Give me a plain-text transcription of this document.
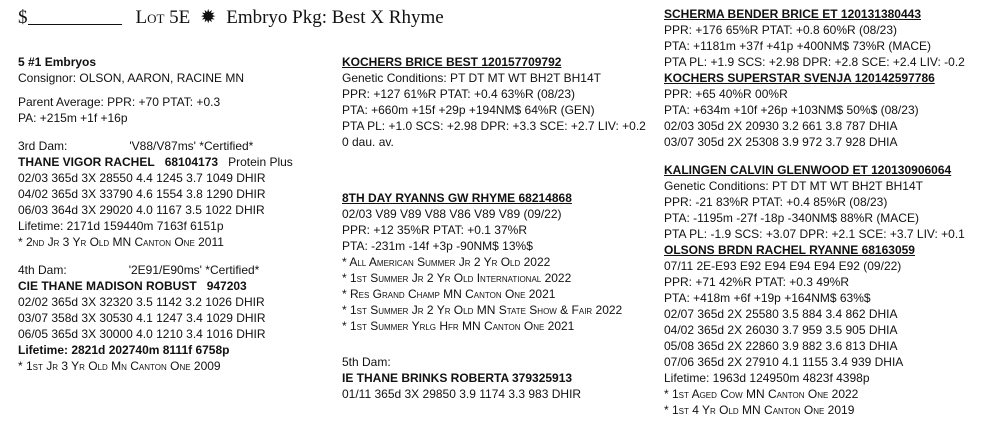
$	Lot 5E ✹ Embryo Pkg: Best X Rhyme
5 #1 Embryos
Consignor: OLSON, AARON, RACINE MN
Parent Average: PPR: +70 PTAT: +0.3
PA: +215m +1f +16p
3rd Dam:	'V88/V87ms' *Certified*
THANE VIGOR RACHEL 68104173 Protein Plus
02/03 365d 3X 28550 4.4 1245 3.7 1049 DHIR
04/02 365d 3X 33790 4.6 1554 3.8 1290 DHIR
06/03 364d 3X 29020 4.0 1167 3.5 1022 DHIR
Lifetime: 2171d 159440m 7163f 6151p
* 2nd Jr 3 Yr Old MN Canton One 2011
4th Dam:	'2E91/E90ms' *Certified*
CIE THANE MADISON ROBUST 947203
02/02 365d 3X 32320 3.5 1142 3.2 1026 DHIR
03/07 358d 3X 30530 4.1 1247 3.4 1029 DHIR
06/05 365d 3X 30000 4.0 1210 3.4 1016 DHIR
Lifetime: 2821d 202740m 8111f 6758p
* 1st Jr 3 Yr Old Mn Canton One 2009
KOCHERS BRICE BEST 120157709792
Genetic Conditions: PT DT MT WT BH2T BH14T
PPR: +127 61%R PTAT: +0.4 63%R (08/23)
PTA: +660m +15f +29p +194NM$ 64%R (GEN)
PTA PL: +1.0 SCS: +2.98 DPR: +3.3 SCE: +2.7 LIV: +0.2
0 dau. av.
8TH DAY RYANNS GW RHYME 68214868
02/03 V89 V89 V88 V86 V89 V89 (09/22)
PPR: +12 35%R PTAT: +0.1 37%R
PTA: -231m -14f +3p -90NM$ 13%$
* All American Summer Jr 2 Yr Old 2022
* 1st Summer Jr 2 Yr Old International 2022
* Res Grand Champ MN Canton One 2021
* 1st Summer Jr 2 Yr Old MN State Show & Fair 2022
* 1st Summer Yrlg Hfr MN Canton One 2021
5th Dam:
IE THANE BRINKS ROBERTA 379325913
01/11 365d 3X 29850 3.9 1174 3.3 983 DHIR
SCHERMA BENDER BRICE ET 120131380443
PPR: +176 65%R PTAT: +0.8 60%R (08/23)
PTA: +1181m +37f +41p +400NM$ 73%R (MACE)
PTA PL: +1.9 SCS: +2.98 DPR: +2.8 SCE: +2.4 LIV: -0.2
KOCHERS SUPERSTAR SVENJA 120142597786
PPR: +65 40%R 00%R
PTA: +634m +10f +26p +103NM$ 50%$ (08/23)
02/03 305d 2X 20930 3.2 661 3.8 787 DHIA
03/07 305d 2X 25308 3.9 972 3.7 928 DHIA
KALINGEN CALVIN GLENWOOD ET 120130906064
Genetic Conditions: PT DT MT WT BH2T BH14T
PPR: -21 83%R PTAT: +0.4 85%R (08/23)
PTA: -1195m -27f -18p -340NM$ 88%R (MACE)
PTA PL: -1.9 SCS: +3.07 DPR: +2.1 SCE: +3.7 LIV: +0.1
OLSONS BRDN RACHEL RYANNE 68163059
07/11 2E-E93 E92 E94 E94 E94 E92 (09/22)
PPR: +71 42%R PTAT: +0.3 49%R
PTA: +418m +6f +19p +164NM$ 63%$
02/07 365d 2X 25580 3.5 884 3.4 862 DHIA
04/02 365d 2X 26030 3.7 959 3.5 905 DHIA
05/08 365d 2X 22860 3.9 882 3.6 813 DHIA
07/06 365d 2X 27910 4.1 1155 3.4 939 DHIA
Lifetime: 1963d 124950m 4823f 4398p
* 1st Aged Cow MN Canton One 2022
* 1st 4 Yr Old MN Canton One 2019
